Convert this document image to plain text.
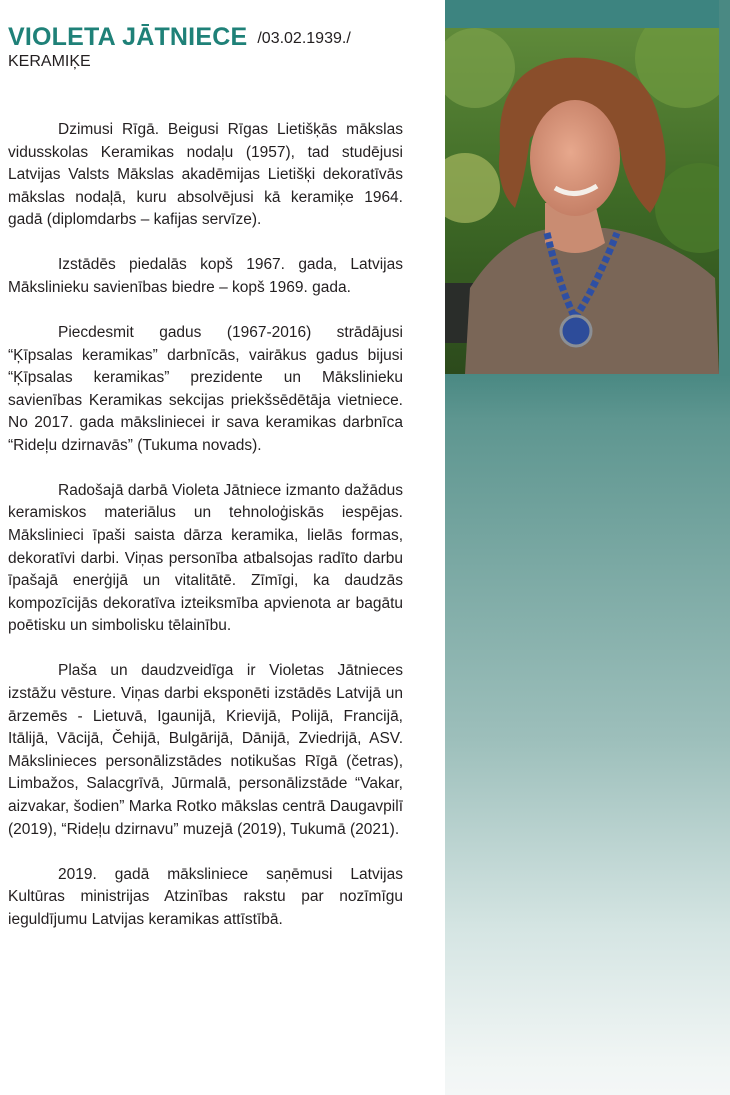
VIOLETA JĀTNIECE /03.02.1939./
KERAMIĶE

Dzimusi Rīgā. Beigusi Rīgas Lietišķās mākslas vidusskolas Keramikas nodaļu (1957), tad studējusi Latvijas Valsts Mākslas akadēmijas Lietišķi dekoratīvās mākslas nodaļā, kuru absolvējusi kā keramiķe 1964. gadā (diplomdarbs – kafijas servīze).

Izstādēs piedalās kopš 1967. gada, Latvijas Mākslinieku savienības biedre – kopš 1969. gada.

Piecdesmit gadus (1967-2016) strādājusi “Ķīpsalas keramikas” darbnīcās, vairākus gadus bijusi “Ķīpsalas keramikas” prezidente un Mākslinieku savienības Keramikas sekcijas priekšsēdētāja vietniece. No 2017. gada māksliniecei ir sava keramikas darbnīca “Rideļu dzirnavās” (Tukuma novads).

Radošajā darbā Violeta Jātniece izmanto dažādus keramiskos materiālus un tehnoloģiskās iespējas. Mākslinieci īpaši saista dārza keramika, lielās formas, dekoratīvi darbi. Viņas personība atbalsojas radīto darbu īpašajā enerģijā un vitalitātē. Zīmīgi, ka daudzās kompozīcijās dekoratīva izteiksmība apvienota ar bagātu poētisku un simbolisku tēlainību.

Plaša un daudzveidīga ir Violetas Jātnieces izstāžu vēsture. Viņas darbi eksponēti izstādēs Latvijā un ārzemēs - Lietuvā, Igaunijā, Krievijā, Polijā, Francijā, Itālijā, Vācijā, Čehijā, Bulgārijā, Dānijā, Zviedrijā, ASV. Mākslinieces personālizstādes notikušas Rīgā (četras), Limbažos, Salacgrīvā, Jūrmalā, personālizstāde “Vakar, aizvakar, šodien” Marka Rotko mākslas centrā Daugavpilī (2019), “Rideļu dzirnavu” muzejā (2019), Tukumā (2021).

2019. gadā māksliniece saņēmusi Latvijas Kultūras ministrijas Atzinības rakstu par nozīmīgu ieguldījumu Latvijas keramikas attīstībā.
